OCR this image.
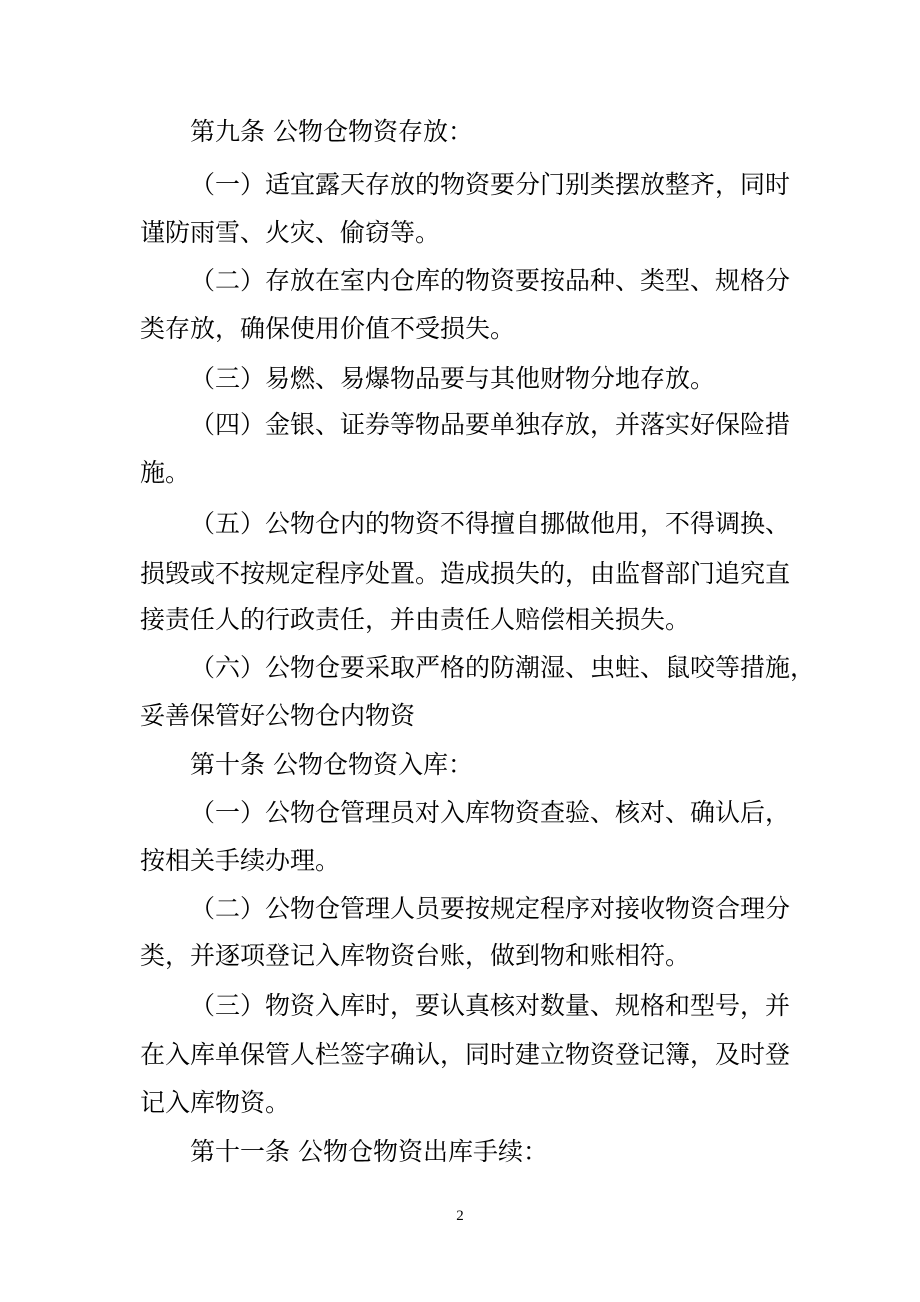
第九条 公物仓物资存放：
（一）适宜露天存放的物资要分门别类摆放整齐，同时
谨防雨雪、火灾、偷窃等。
（二）存放在室内仓库的物资要按品种、类型、规格分
类存放，确保使用价值不受损失。
（三）易燃、易爆物品要与其他财物分地存放。
（四）金银、证券等物品要单独存放，并落实好保险措
施。
（五）公物仓内的物资不得擅自挪做他用，不得调换、
损毁或不按规定程序处置。造成损失的，由监督部门追究直
接责任人的行政责任，并由责任人赔偿相关损失。
（六）公物仓要采取严格的防潮湿、虫蛀、鼠咬等措施，
妥善保管好公物仓内物资
第十条 公物仓物资入库：
（一）公物仓管理员对入库物资查验、核对、确认后，
按相关手续办理。
（二）公物仓管理人员要按规定程序对接收物资合理分
类，并逐项登记入库物资台账，做到物和账相符。
（三）物资入库时，要认真核对数量、规格和型号，并
在入库单保管人栏签字确认，同时建立物资登记簿，及时登
记入库物资。
第十一条 公物仓物资出库手续：
2
